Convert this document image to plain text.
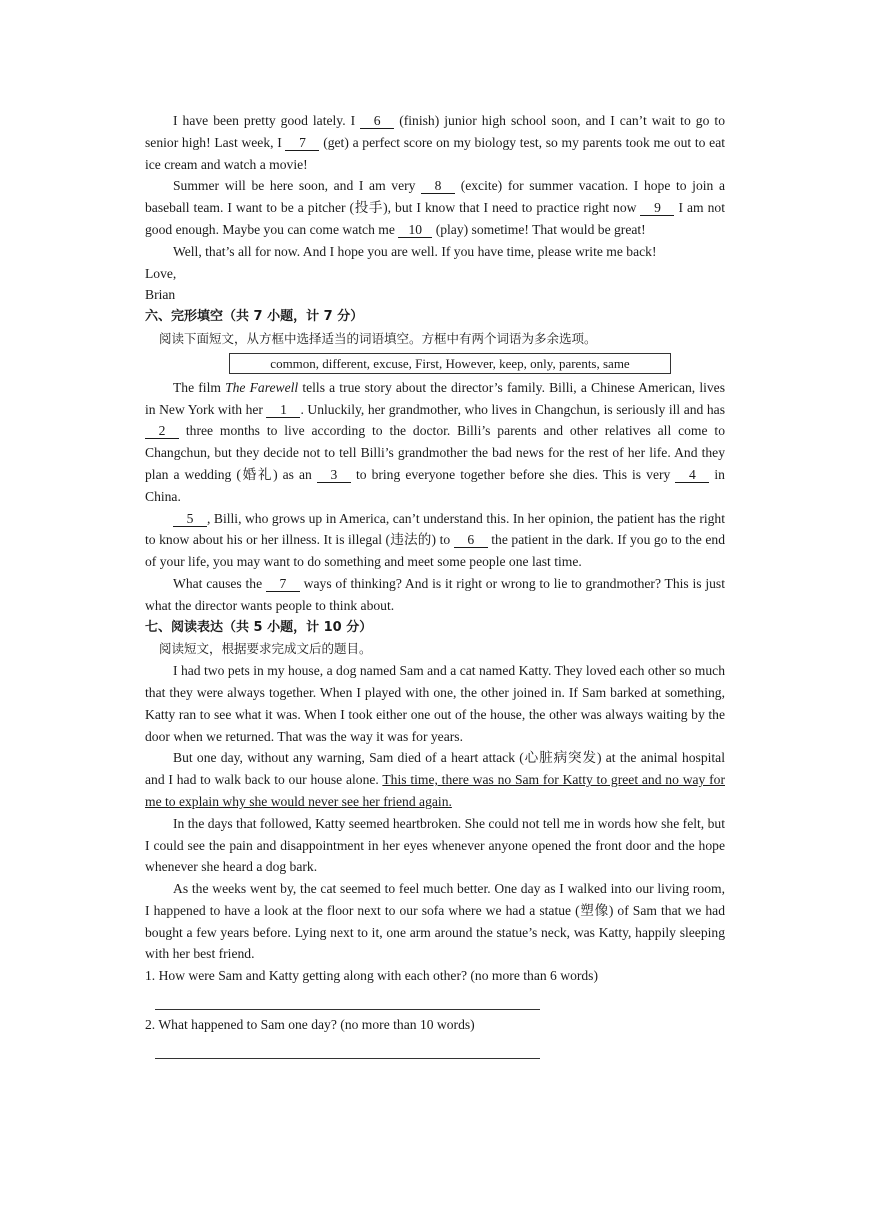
I have been pretty good lately. I 6 (finish) junior high school soon, and I can’t wait to go to senior high! Last week, I 7 (get) a perfect score on my biology test, so my parents took me out to eat ice cream and watch a movie!

Summer will be here soon, and I am very 8 (excite) for summer vacation. I hope to join a baseball team. I want to be a pitcher (投手), but I know that I need to practice right now 9 I am not good enough. Maybe you can come watch me 10 (play) sometime! That would be great!

Well, that’s all for now. And I hope you are well. If you have time, please write me back!

Love,

Brian

六、完形填空（共 7 小题，计 7 分）

阅读下面短文，从方框中选择适当的词语填空。方框中有两个词语为多余选项。

common, different, excuse, First, However, keep, only, parents, same

The film The Farewell tells a true story about the director’s family. Billi, a Chinese American, lives in New York with her 1 . Unluckily, her grandmother, who lives in Changchun, is seriously ill and has 2 three months to live according to the doctor. Billi’s parents and other relatives all come to Changchun, but they decide not to tell Billi’s grandmother the bad news for the rest of her life. And they plan a wedding (婚礼) as an 3 to bring everyone together before she dies. This is very 4 in China.

5 , Billi, who grows up in America, can’t understand this. In her opinion, the patient has the right to know about his or her illness. It is illegal (违法的) to 6 the patient in the dark. If you go to the end of your life, you may want to do something and meet some people one last time.

What causes the 7 ways of thinking? And is it right or wrong to lie to grandmother? This is just what the director wants people to think about.

七、阅读表达（共 5 小题，计 10 分）

阅读短文，根据要求完成文后的题目。

I had two pets in my house, a dog named Sam and a cat named Katty. They loved each other so much that they were always together. When I played with one, the other joined in. If Sam barked at something, Katty ran to see what it was. When I took either one out of the house, the other was always waiting by the door when we returned. That was the way it was for years.

But one day, without any warning, Sam died of a heart attack (心脏病突发) at the animal hospital and I had to walk back to our house alone. This time, there was no Sam for Katty to greet and no way for me to explain why she would never see her friend again.

In the days that followed, Katty seemed heartbroken. She could not tell me in words how she felt, but I could see the pain and disappointment in her eyes whenever anyone opened the front door and the hope whenever she heard a dog bark.

As the weeks went by, the cat seemed to feel much better. One day as I walked into our living room, I happened to have a look at the floor next to our sofa where we had a statue (塑像) of Sam that we had bought a few years before. Lying next to it, one arm around the statue’s neck, was Katty, happily sleeping with her best friend.

1. How were Sam and Katty getting along with each other? (no more than 6 words)

2. What happened to Sam one day? (no more than 10 words)
